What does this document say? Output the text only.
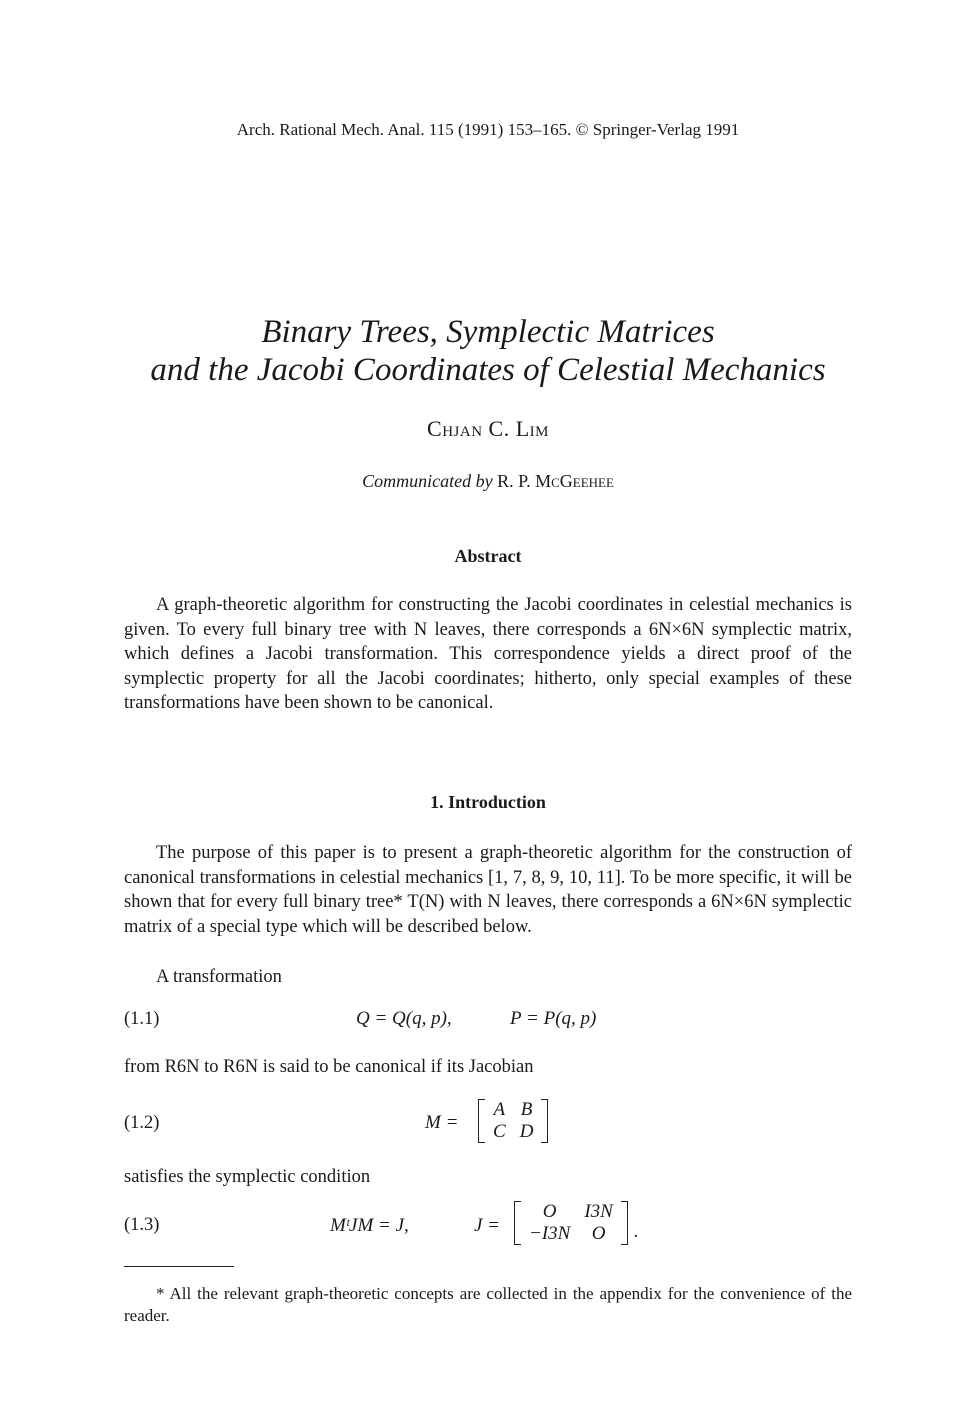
Arch. Rational Mech. Anal. 115 (1991) 153–165. © Springer-Verlag 1991
Binary Trees, Symplectic Matrices
and the Jacobi Coordinates of Celestial Mechanics
Chjan C. Lim
Communicated by R. P. McGeehee
Abstract
A graph-theoretic algorithm for constructing the Jacobi coordinates in celestial mechanics is given. To every full binary tree with N leaves, there corresponds a 6N×6N symplectic matrix, which defines a Jacobi transformation. This correspondence yields a direct proof of the symplectic property for all the Jacobi coordinates; hitherto, only special examples of these transformations have been shown to be canonical.
1. Introduction
The purpose of this paper is to present a graph-theoretic algorithm for the construction of canonical transformations in celestial mechanics [1, 7, 8, 9, 10, 11]. To be more specific, it will be shown that for every full binary tree* T(N) with N leaves, there corresponds a 6N×6N symplectic matrix of a special type which will be described below.
A transformation
(1.1)	Q = Q(q, p),	P = P(q, p)
from R6N to R6N is said to be canonical if its Jacobian
(1.2)	M =
A	B
C	D
satisfies the symplectic condition
(1.3)	MᵗJM = J,	J =
O	I3N
−I3N	O .
* All the relevant graph-theoretic concepts are collected in the appendix for the convenience of the reader.
